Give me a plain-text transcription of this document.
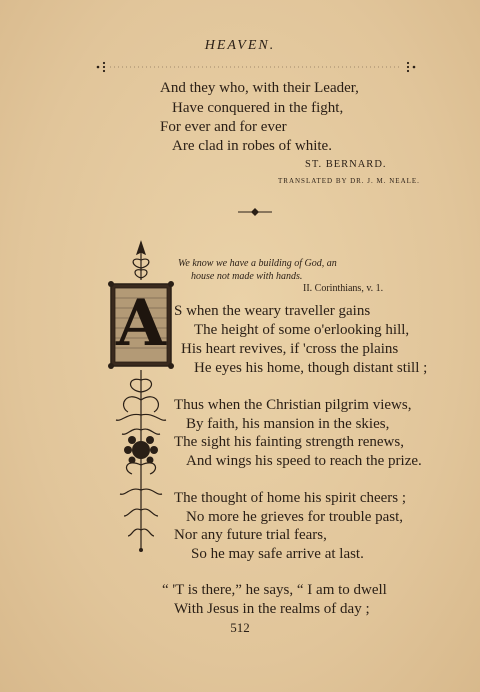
HEAVEN.
And they who, with their Leader,
Have conquered in the fight,
For ever and for ever
Are clad in robes of white.
ST. BERNARD.
TRANSLATED BY DR. J. M. NEALE.
We know we have a building of God, an
house not made with hands.
II. Corinthians, v. 1.
A S when the weary traveller gains
The height of some o'erlooking hill,
His heart revives, if 'cross the plains
He eyes his home, though distant still ;
Thus when the Christian pilgrim views,
By faith, his mansion in the skies,
The sight his fainting strength renews,
And wings his speed to reach the prize.
The thought of home his spirit cheers ;
No more he grieves for trouble past,
Nor any future trial fears,
So he may safe arrive at last.
“ 'T is there,” he says, “ I am to dwell
With Jesus in the realms of day ;
512
